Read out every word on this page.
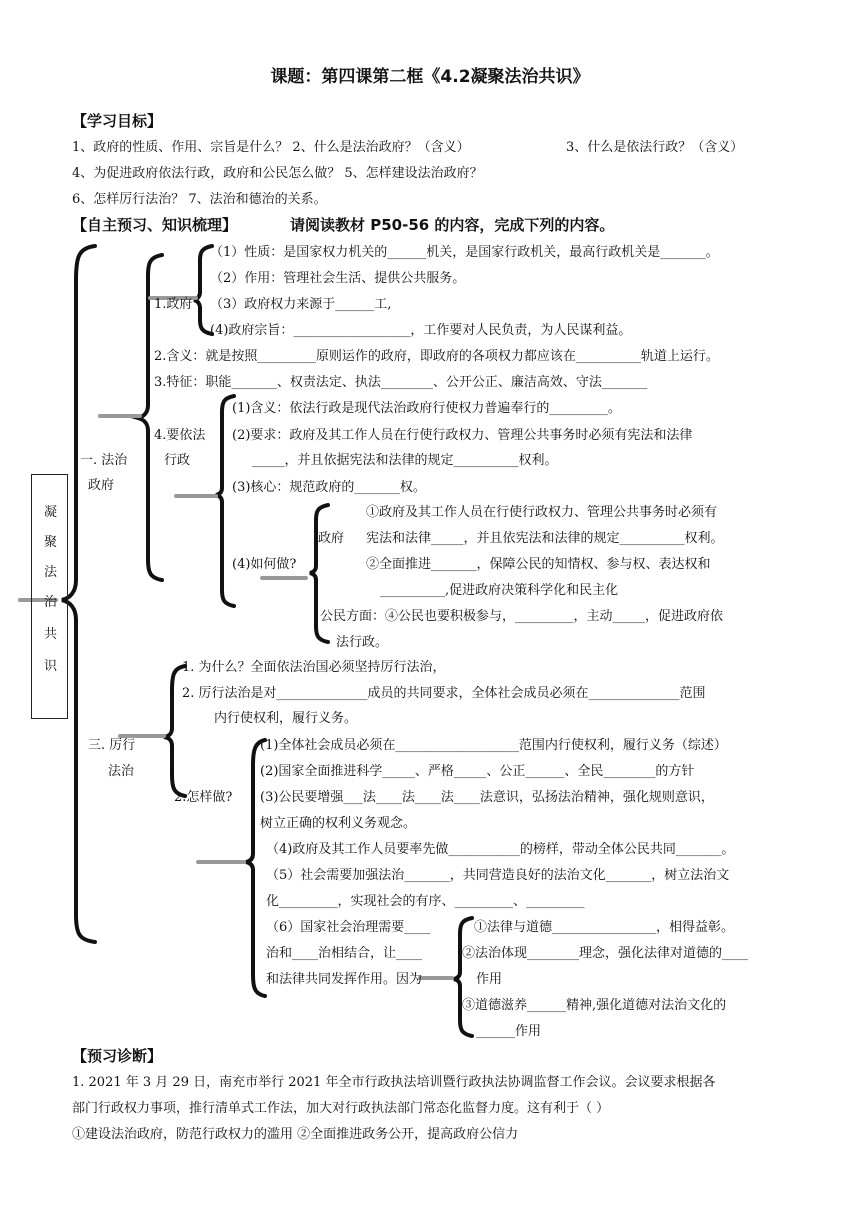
课题：第四课第二框《4.2凝聚法治共识》
【学习目标】
1、政府的性质、作用、宗旨是什么？ 2、什么是法治政府？（含义）	3、什么是依法行政？（含义）
4、为促进政府依法行政，政府和公民怎么做？ 5、怎样建设法治政府？
6、怎样厉行法治？ 7、法治和德治的关系。
【自主预习、知识梳理】	请阅读教材 P50-56 的内容，完成下列的内容。
凝
聚
法
治
共
识
一. 法治
政府
1.政府
（1）性质：是国家权力机关的______机关，是国家行政机关，最高行政机关是_______。
（2）作用：管理社会生活、提供公共服务。
（3）政府权力来源于______工,
(4)政府宗旨：__________________，工作要对人民负责，为人民谋利益。
2.含义：就是按照_________原则运作的政府，即政府的各项权力都应该在__________轨道上运行。
3.特征：职能_______、权责法定、执法________、公开公正、廉洁高效、守法_______
4.要依法
行政
(1)含义：依法行政是现代法治政府行使权力普遍奉行的_________。
(2)要求：政府及其工作人员在行使行政权力、管理公共事务时必须有宪法和法律
_____，并且依据宪法和法律的规定__________权利。
(3)核心：规范政府的_______权。
(4)如何做?
政府
①政府及其工作人员在行使行政权力、管理公共事务时必须有
宪法和法律_____，并且依宪法和法律的规定__________权利。
②全面推进_______，保障公民的知情权、参与权、表达权和
__________,促进政府决策科学化和民主化
公民方面：④公民也要积极参与，_________，主动_____，促进政府依
法行政。
三. 厉行
法治
1. 为什么？全面依法治国必须坚持厉行法治，
2. 厉行法治是对______________成员的共同要求，全体社会成员必须在______________范围
内行使权利，履行义务。
2.怎样做?
(1)全体社会成员必须在___________________范围内行使权利，履行义务（综述）
(2)国家全面推进科学_____、严格_____、公正______、全民________的方针
(3)公民要增强___法____法____法____法意识，弘扬法治精神，强化规则意识，
树立正确的权利义务观念。
（4)政府及其工作人员要率先做___________的榜样，带动全体公民共同_______。
（5）社会需要加强法治_______，共同营造良好的法治文化_______，树立法治文
化_________，实现社会的有序、_________、_________
（6）国家社会治理需要____
治和____治相结合，让____
和法律共同发挥作用。因为
①法律与道德________________，相得益彰。
②法治体现________理念，强化法律对道德的____
作用
③道德滋养______精神,强化道德对法治文化的
______作用
【预习诊断】
1. 2021 年 3 月 29 日，南充市举行 2021 年全市行政执法培训暨行政执法协调监督工作会议。会议要求根据各
部门行政权力事项，推行清单式工作法，加大对行政执法部门常态化监督力度。这有利于（ ）
①建设法治政府，防范行政权力的滥用 ②全面推进政务公开，提高政府公信力
